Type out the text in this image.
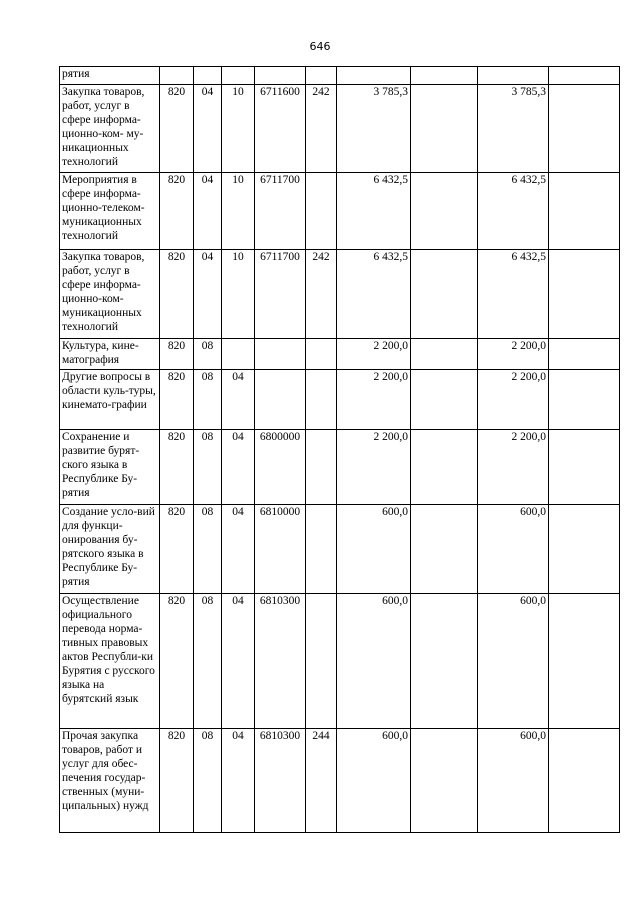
646
рятия									
Закупка товаров, работ, услуг в сфере информа-ционно-ком- му-никационных технологий	820	04	10	6711600	242	3 785,3		3 785,3	
Мероприятия в сфере информа-ционно-телеком-муникационных технологий	820	04	10	6711700		6 432,5		6 432,5	
Закупка товаров, работ, услуг в сфере информа-ционно-ком-муникационных технологий	820	04	10	6711700	242	6 432,5		6 432,5	
Культура, кине-матография	820	08				2 200,0		2 200,0	
Другие вопросы в области куль-туры, кинемато-графии	820	08	04			2 200,0		2 200,0	
Сохранение и развитие бурят-ского языка в Республике Бу-рятия	820	08	04	6800000		2 200,0		2 200,0	
Создание усло-вий для функци-онирования бу-рятского языка в Республике Бу-рятия	820	08	04	6810000		600,0		600,0	
Осуществление официального перевода норма-тивных правовых актов Республи-ки Бурятия с русского языка на бурятский язык	820	08	04	6810300		600,0		600,0	
Прочая закупка товаров, работ и услуг для обес-печения государ-ственных (муни-ципальных) нужд	820	08	04	6810300	244	600,0		600,0	
